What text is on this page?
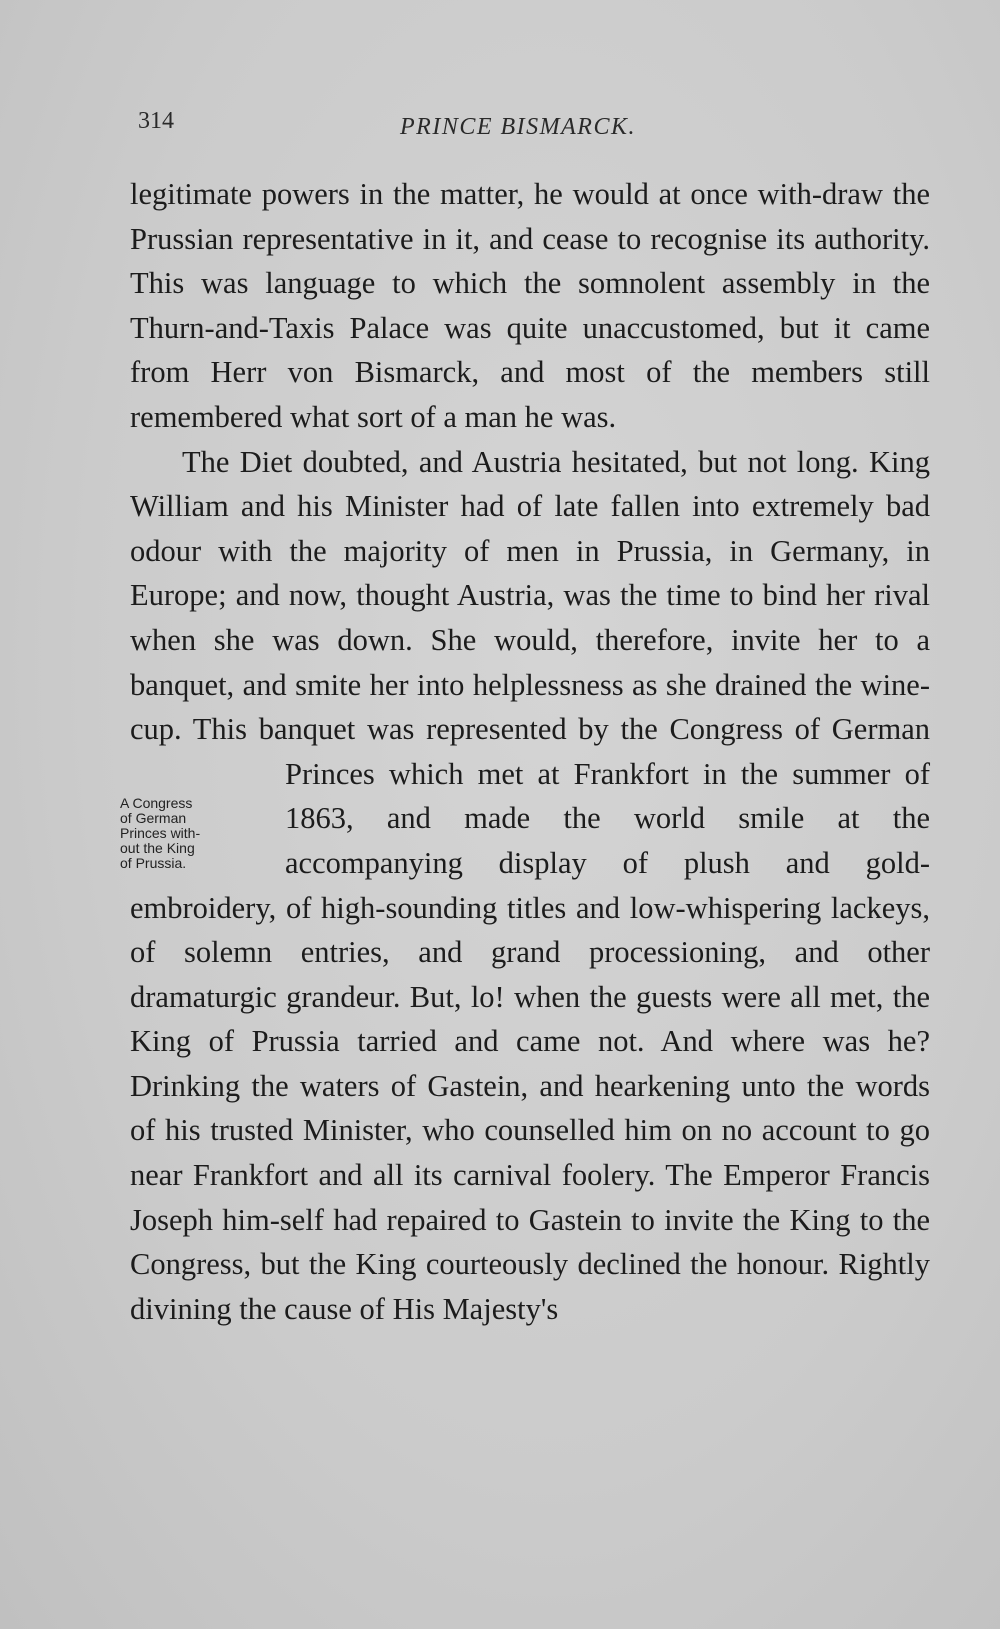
314	PRINCE BISMARCK.

legitimate powers in the matter, he would at once with-draw the Prussian representative in it, and cease to recognise its authority. This was language to which the somnolent assembly in the Thurn-and-Taxis Palace was quite unaccustomed, but it came from Herr von Bismarck, and most of the members still remembered what sort of a man he was.

The Diet doubted, and Austria hesitated, but not long. King William and his Minister had of late fallen into extremely bad odour with the majority of men in Prussia, in Germany, in Europe; and now, thought Austria, was the time to bind her rival when she was down. She would, therefore, invite her to a banquet, and smite her into helplessness as she drained the wine-cup. This banquet was represented by the Congress of
A Congress
of German
Princes with-
out the King
of Prussia.
German Princes which met at Frankfort in the summer of 1863, and made the world smile at the accompanying display of plush and gold-embroidery, of high-sounding titles and low-whispering lackeys, of solemn entries, and grand processioning, and other dramaturgic grandeur. But, lo! when the guests were all met, the King of Prussia tarried and came not. And where was he? Drinking the waters of Gastein, and hearkening unto the words of his trusted Minister, who counselled him on no account to go near Frankfort and all its carnival foolery. The Emperor Francis Joseph him-self had repaired to Gastein to invite the King to the Congress, but the King courteously declined the honour. Rightly divining the cause of His Majesty's
